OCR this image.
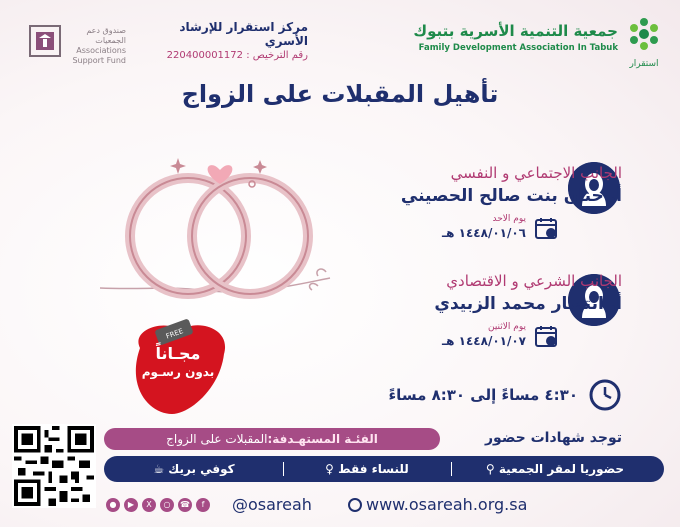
صندوق دعم الجمعيات Associations Support Fund
مركز استقرار للإرشاد الأسري
رقم الترخيص : 220400001172
جمعية التنمية الأسرية بتبوك
Family Development Association In Tabuk
استقرار
تأهيل المقبلات على الزواج
الجانب الاجتماعي و النفسي
أ. حنان بنت صالح الحصيني
يوم الاحد
١٤٤٨/٠١/٠٦ هـ
الجانب الشرعي و الاقتصادي
أ. انتصار محمد الزبيدي
يوم الاثنين
١٤٤٨/٠١/٠٧ هـ
FREE
مجـاناً
بدون رسـوم
٤:٣٠ مساءً إلى ٨:٣٠ مساءً
توجد شهادات حضور
الفئـة المستهـدفة:المقبلات على الزواج
⚲ حضوريا لمقر الجمعية
♀ للنساء فقط
☕ كوفي بريك
●	▶	X	○	☎	f	@osareah	www.osareah.org.sa
